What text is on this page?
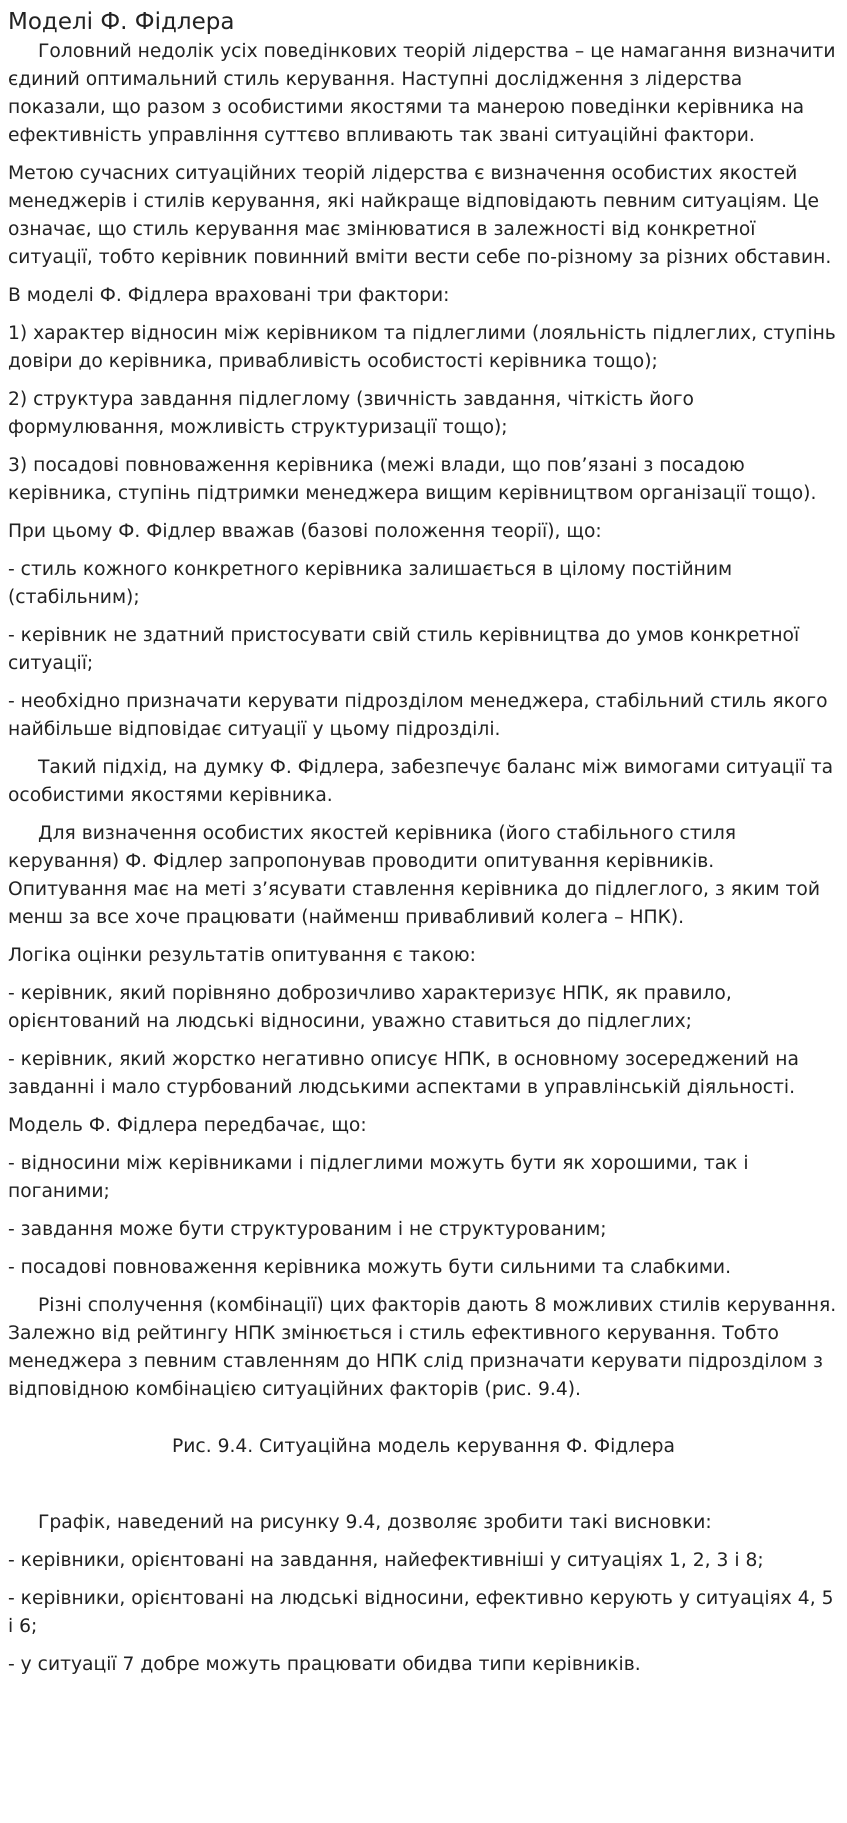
Моделі Ф. Фідлера

Головний недолік усіх поведінкових теорій лідерства – це намагання визначити єдиний оптимальний стиль керування. Наступні дослідження з лідерства показали, що разом з особистими якостями та манерою поведінки керівника на ефективність управління суттєво впливають так звані ситуаційні фактори.

Метою сучасних ситуаційних теорій лідерства є визначення особистих якостей менеджерів і стилів керування, які найкраще відповідають певним ситуаціям. Це означає, що стиль керування має змінюватися в залежності від конкретної ситуації, тобто керівник повинний вміти вести себе по-різному за різних обставин.

В моделі Ф. Фідлера враховані три фактори:

1) характер відносин між керівником та підлеглими (лояльність підлеглих, ступінь довіри до керівника, привабливість особистості керівника тощо);

2) структура завдання підлеглому (звичність завдання, чіткість його формулювання, можливість структуризації тощо);

3) посадові повноваження керівника (межі влади, що пов’язані з посадою керівника, ступінь підтримки менеджера вищим керівництвом організації тощо).

При цьому Ф. Фідлер вважав (базові положення теорії), що:

- стиль кожного конкретного керівника залишається в цілому постійним (стабільним);

- керівник не здатний пристосувати свій стиль керівництва до умов конкретної ситуації;

- необхідно призначати керувати підрозділом менеджера, стабільний стиль якого найбільше відповідає ситуації у цьому підрозділі.

Такий підхід, на думку Ф. Фідлера, забезпечує баланс між вимогами ситуації та особистими якостями керівника.

Для визначення особистих якостей керівника (його стабільного стиля керування) Ф. Фідлер запропонував проводити опитування керівників. Опитування має на меті з’ясувати ставлення керівника до підлеглого, з яким той менш за все хоче працювати (найменш привабливий колега – НПК).

Логіка оцінки результатів опитування є такою:

- керівник, який порівняно доброзичливо характеризує НПК, як правило, орієнтований на людські відносини, уважно ставиться до підлеглих;

- керівник, який жорстко негативно описує НПК, в основному зосереджений на завданні і мало стурбований людськими аспектами в управлінській діяльності.

Модель Ф. Фідлера передбачає, що:

- відносини між керівниками і підлеглими можуть бути як хорошими, так і поганими;

- завдання може бути структурованим і не структурованим;

- посадові повноваження керівника можуть бути сильними та слабкими.

Різні сполучення (комбінації) цих факторів дають 8 можливих стилів керування. Залежно від рейтингу НПК змінюється і стиль ефективного керування. Тобто менеджера з певним ставленням до НПК слід призначати керувати підрозділом з відповідною комбінацією ситуаційних факторів (рис. 9.4).

Рис. 9.4. Ситуаційна модель керування Ф. Фідлера

Графік, наведений на рисунку 9.4, дозволяє зробити такі висновки:

- керівники, орієнтовані на завдання, найефективніші у ситуаціях 1, 2, 3 і 8;

- керівники, орієнтовані на людські відносини, ефективно керують у ситуаціях 4, 5 і 6;

- у ситуації 7 добре можуть працювати обидва типи керівників.
